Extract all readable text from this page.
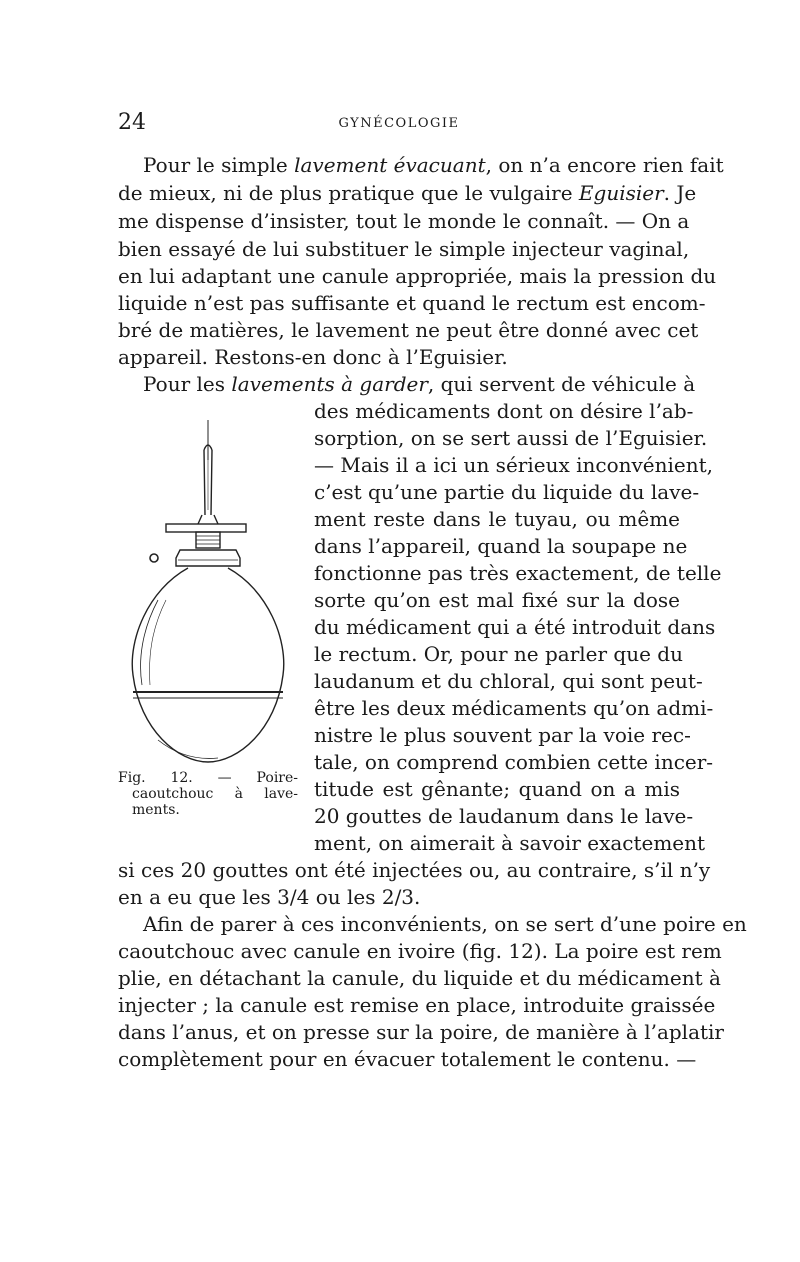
24	GYNÉCOLOGIE
Pour le simple lavement évacuant, on n’a encore rien fait
de mieux, ni de plus pratique que le vulgaire Eguisier. Je
me dispense d’insister, tout le monde le connaît. — On a
bien essayé de lui substituer le simple injecteur vaginal,
en lui adaptant une canule appropriée, mais la pression du
liquide n’est pas suffisante et quand le rectum est encom-
bré de matières, le lavement ne peut être donné avec cet
appareil. Restons-en donc à l’Eguisier.
Pour les lavements à garder, qui servent de véhicule à
des médicaments dont on désire l’ab-
sorption, on se sert aussi de l’Eguisier.
— Mais il a ici un sérieux inconvénient,
c’est qu’une partie du liquide du lave-
ment reste dans le tuyau, ou même
dans l’appareil, quand la soupape ne
fonctionne pas très exactement, de telle
sorte qu’on est mal fixé sur la dose
du médicament qui a été introduit dans
le rectum. Or, pour ne parler que du
laudanum et du chloral, qui sont peut-
être les deux médicaments qu’on admi-
nistre le plus souvent par la voie rec-
tale, on comprend combien cette incer-
titude est gênante; quand on a mis
20 gouttes de laudanum dans le lave-
ment, on aimerait à savoir exactement
si ces 20 gouttes ont été injectées ou, au contraire, s’il n’y
en a eu que les 3/4 ou les 2/3.
Afin de parer à ces inconvénients, on se sert d’une poire en
caoutchouc avec canule en ivoire (fig. 12). La poire est rem
plie, en détachant la canule, du liquide et du médicament à
injecter ; la canule est remise en place, introduite graissée
dans l’anus, et on presse sur la poire, de manière à l’aplatir
complètement pour en évacuer totalement le contenu. —
Fig. 12. — Poire-
caoutchouc à lave-
ments.
